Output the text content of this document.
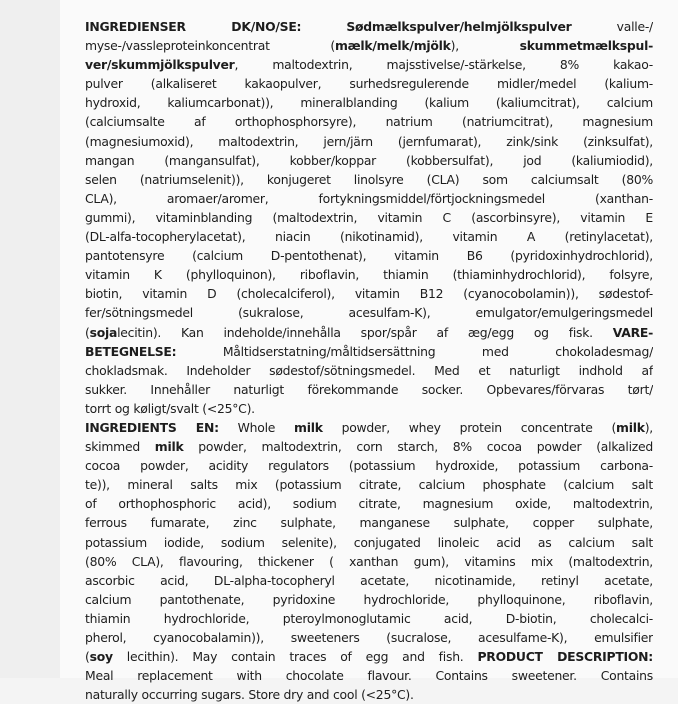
INGREDIENSER DK/NO/SE:	Sødmælkspulver/helmjölkspulver valle-/
myse-/vassleproteinkoncentrat (mælk/melk/mjölk), skummetmælkspul-
ver/skummjölkspulver, maltodextrin, majsstivelse/-stärkelse, 8% kakao-
pulver (alkaliseret kakaopulver, surhedsregulerende midler/medel (kalium-
hydroxid, kaliumcarbonat)), mineralblanding (kalium (kaliumcitrat), calcium
(calciumsalte af orthophosphorsyre), natrium (natriumcitrat), magnesium
(magnesiumoxid), maltodextrin, jern/järn (jernfumarat), zink/sink (zinksulfat),
mangan (mangansulfat), kobber/koppar (kobbersulfat), jod (kaliumiodid),
selen (natriumselenit)), konjugeret linolsyre (CLA) som calciumsalt (80%
CLA), aromaer/aromer, fortykningsmiddel/förtjockningsmedel (xanthan-
gummi), vitaminblanding (maltodextrin, vitamin C (ascorbinsyre), vitamin E
(DL-alfa-tocopherylacetat), niacin (nikotinamid), vitamin A (retinylacetat),
pantotensyre (calcium D-pentothenat), vitamin B6 (pyridoxinhydrochlorid),
vitamin K (phylloquinon), riboflavin, thiamin (thiaminhydrochlorid), folsyre,
biotin, vitamin D (cholecalciferol), vitamin B12 (cyanocobolamin)), sødestof-
fer/sötningsmedel (sukralose, acesulfam-K), emulgator/emulgeringsmedel
(sojalecitin). Kan indeholde/innehålla spor/spår af æg/egg og fisk. VARE-
BETEGNELSE: Måltidserstatning/måltidsersättning med chokoladesmag/
chokladsmak. Indeholder sødestof/sötningsmedel. Med et naturligt indhold af
sukker. Innehåller naturligt förekommande socker. Opbevares/förvaras tørt/
torrt og køligt/svalt (<25°C).
INGREDIENTS EN: Whole milk powder, whey protein concentrate (milk),
skimmed milk powder, maltodextrin, corn starch, 8% cocoa powder (alkalized
cocoa powder, acidity regulators (potassium hydroxide, potassium carbona-
te)), mineral salts mix (potassium citrate, calcium phosphate (calcium salt
of orthophosphoric acid), sodium citrate, magnesium oxide, maltodextrin,
ferrous fumarate, zinc sulphate, manganese sulphate, copper sulphate,
potassium iodide, sodium selenite), conjugated linoleic acid as calcium salt
(80% CLA), flavouring, thickener ( xanthan gum), vitamins mix (maltodextrin,
ascorbic acid, DL-alpha-tocopheryl acetate, nicotinamide, retinyl acetate,
calcium pantothenate, pyridoxine hydrochloride, phylloquinone, riboflavin,
thiamin hydrochloride, pteroylmonoglutamic acid, D-biotin, cholecalci-
pherol, cyanocobalamin)), sweeteners (sucralose, acesulfame-K), emulsifier
(soy lecithin). May contain traces of egg and fish. PRODUCT DESCRIPTION:
Meal replacement with chocolate flavour. Contains sweetener. Contains
naturally occurring sugars. Store dry and cool (<25°C).
